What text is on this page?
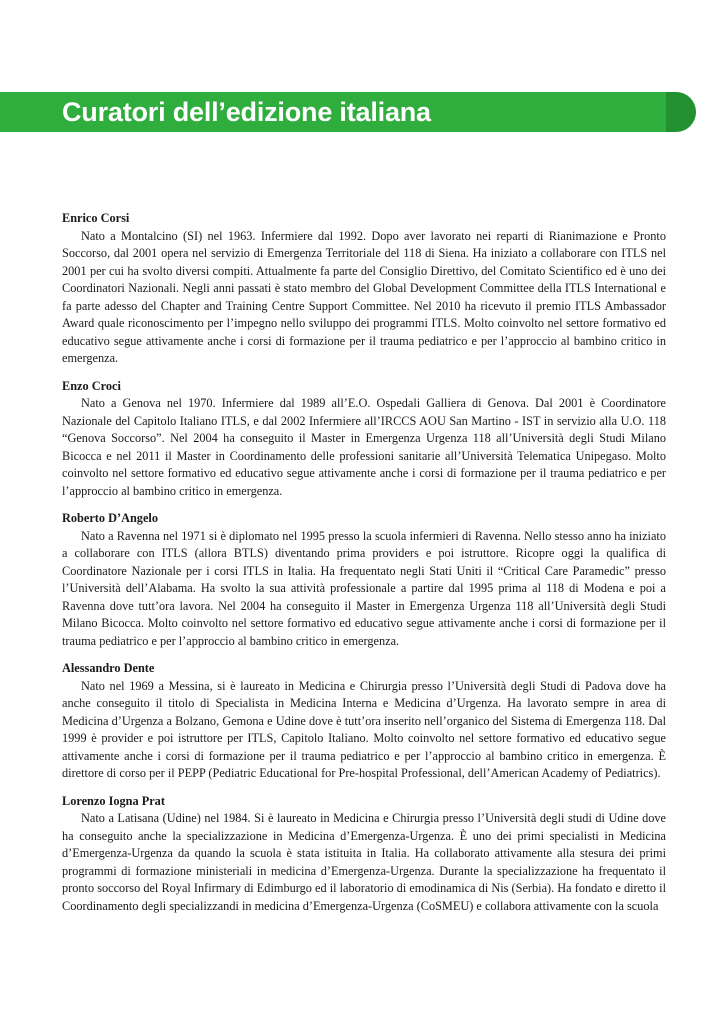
Curatori dell’edizione italiana
Enrico Corsi

Nato a Montalcino (SI) nel 1963. Infermiere dal 1992. Dopo aver lavorato nei reparti di Rianimazione e Pronto Soccorso, dal 2001 opera nel servizio di Emergenza Territoriale del 118 di Siena. Ha iniziato a collaborare con ITLS nel 2001 per cui ha svolto diversi compiti. Attualmente fa parte del Consiglio Direttivo, del Comitato Scientifico ed è uno dei Coordinatori Nazionali. Negli anni passati è stato membro del Global Development Committee della ITLS International e fa parte adesso del Chapter and Training Centre Support Committee. Nel 2010 ha ricevuto il premio ITLS Ambassador Award quale riconoscimento per l’impegno nello sviluppo dei programmi ITLS. Molto coinvolto nel settore formativo ed educativo segue attivamente anche i corsi di formazione per il trauma pediatrico e per l’approccio al bambino critico in emergenza.

Enzo Croci

Nato a Genova nel 1970. Infermiere dal 1989 all’E.O. Ospedali Galliera di Genova. Dal 2001 è Coordinatore Nazionale del Capitolo Italiano ITLS, e dal 2002 Infermiere all’IRCCS AOU San Martino - IST in servizio alla U.O. 118 “Genova Soccorso”. Nel 2004 ha conseguito il Master in Emergenza Urgenza 118 all’Università degli Studi Milano Bicocca e nel 2011 il Master in Coordinamento delle professioni sanitarie all’Università Telematica Unipegaso. Molto coinvolto nel settore formativo ed educativo segue attivamente anche i corsi di formazione per il trauma pediatrico e per l’approccio al bambino critico in emergenza.

Roberto D’Angelo

Nato a Ravenna nel 1971 si è diplomato nel 1995 presso la scuola infermieri di Ravenna. Nello stesso anno ha iniziato a collaborare con ITLS (allora BTLS) diventando prima providers e poi istruttore. Ricopre oggi la qualifica di Coordinatore Nazionale per i corsi ITLS in Italia. Ha frequentato negli Stati Uniti il “Critical Care Paramedic” presso l’Università dell’Alabama. Ha svolto la sua attività professionale a partire dal 1995 prima al 118 di Modena e poi a Ravenna dove tutt’ora lavora. Nel 2004 ha conseguito il Master in Emergenza Urgenza 118 all’Università degli Studi Milano Bicocca. Molto coinvolto nel settore formativo ed educativo segue attivamente anche i corsi di formazione per il trauma pediatrico e per l’approccio al bambino critico in emergenza.

Alessandro Dente

Nato nel 1969 a Messina, si è laureato in Medicina e Chirurgia presso l’Università degli Studi di Padova dove ha anche conseguito il titolo di Specialista in Medicina Interna e Medicina d’Urgenza. Ha lavorato sempre in area di Medicina d’Urgenza a Bolzano, Gemona e Udine dove è tutt’ora inserito nell’organico del Sistema di Emergenza 118. Dal 1999 è provider e poi istruttore per ITLS, Capitolo Italiano. Molto coinvolto nel settore formativo ed educativo segue attivamente anche i corsi di formazione per il trauma pediatrico e per l’approccio al bambino critico in emergenza. È direttore di corso per il PEPP (Pediatric Educational for Pre-hospital Professional, dell’American Academy of Pediatrics).

Lorenzo Iogna Prat

Nato a Latisana (Udine) nel 1984. Si è laureato in Medicina e Chirurgia presso l’Università degli studi di Udine dove ha conseguito anche la specializzazione in Medicina d’Emergenza-Urgenza. È uno dei primi specialisti in Medicina d’Emergenza-Urgenza da quando la scuola è stata istituita in Italia. Ha collaborato attivamente alla stesura dei primi programmi di formazione ministeriali in medicina d’Emergenza-Urgenza. Durante la specializzazione ha frequentato il pronto soccorso del Royal Infirmary di Edimburgo ed il laboratorio di emodinamica di Nis (Serbia). Ha fondato e diretto il Coordinamento degli specializzandi in medicina d’Emergenza-Urgenza (CoSMEU) e collabora attivamente con la scuola
